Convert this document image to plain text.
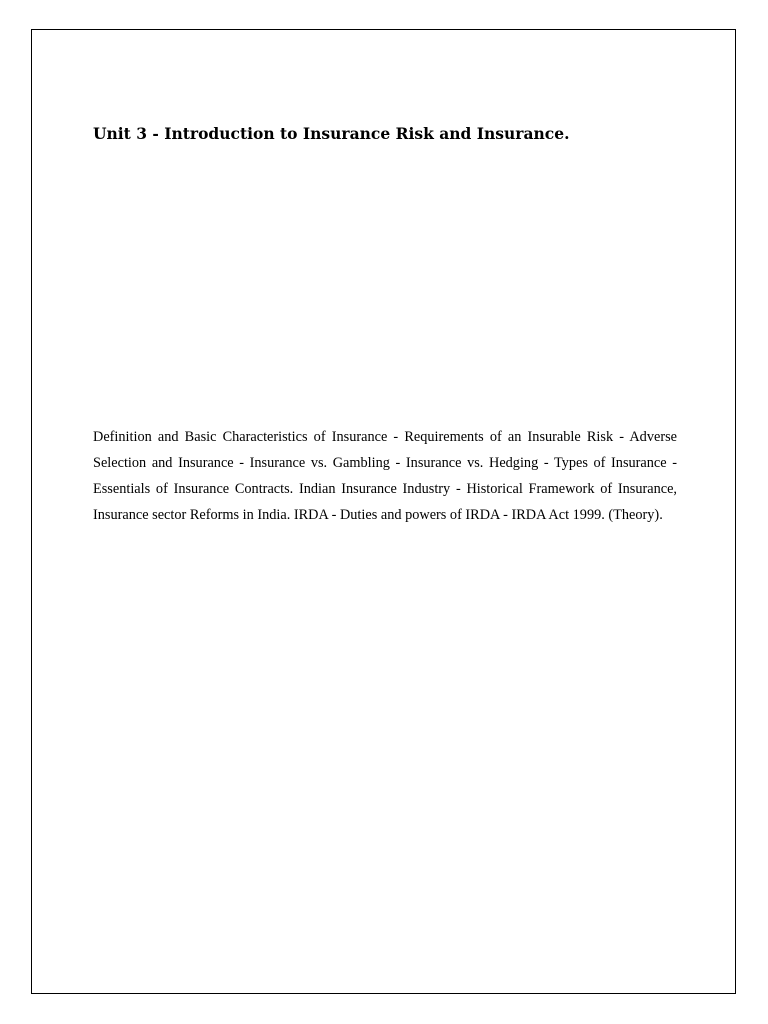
Unit 3 - Introduction to Insurance Risk and Insurance.

Definition and Basic Characteristics of Insurance - Requirements of an Insurable Risk - Adverse Selection and Insurance - Insurance vs. Gambling - Insurance vs. Hedging - Types of Insurance - Essentials of Insurance Contracts. Indian Insurance Industry - Historical Framework of Insurance, Insurance sector Reforms in India. IRDA - Duties and powers of IRDA - IRDA Act 1999. (Theory).
